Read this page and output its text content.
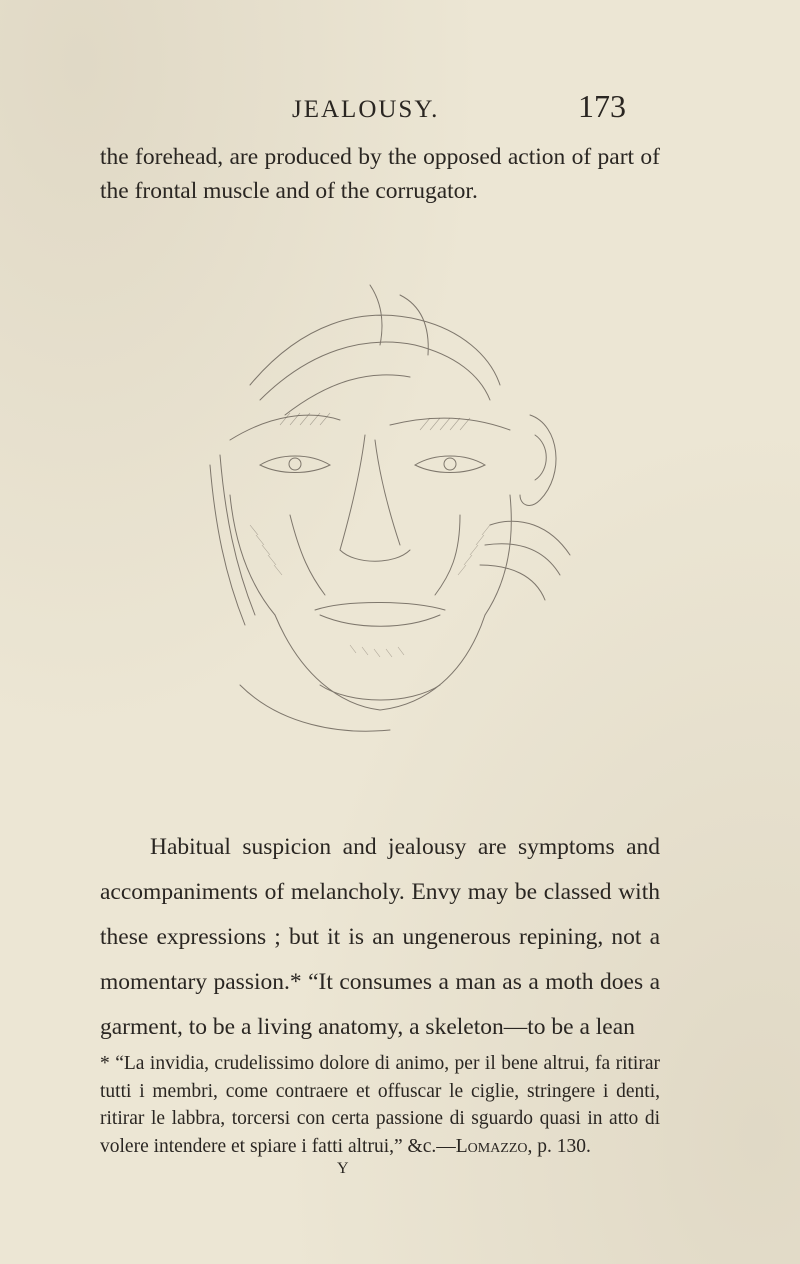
JEALOUSY.	173

the forehead, are produced by the opposed action of part of the frontal muscle and of the corrugator.

Habitual suspicion and jealousy are symptoms and accompaniments of melancholy. Envy may be classed with these expressions ; but it is an ungenerous repining, not a momentary passion.* “It consumes a man as a moth does a garment, to be a living anatomy, a skeleton—to be a lean

* “La invidia, crudelissimo dolore di animo, per il bene altrui, fa ritirar tutti i membri, come contraere et offuscar le ciglie, stringere i denti, ritirar le labbra, torcersi con certa passione di sguardo quasi in atto di volere intendere et spiare i fatti altrui,” &c.—Lomazzo, p. 130.

Y
